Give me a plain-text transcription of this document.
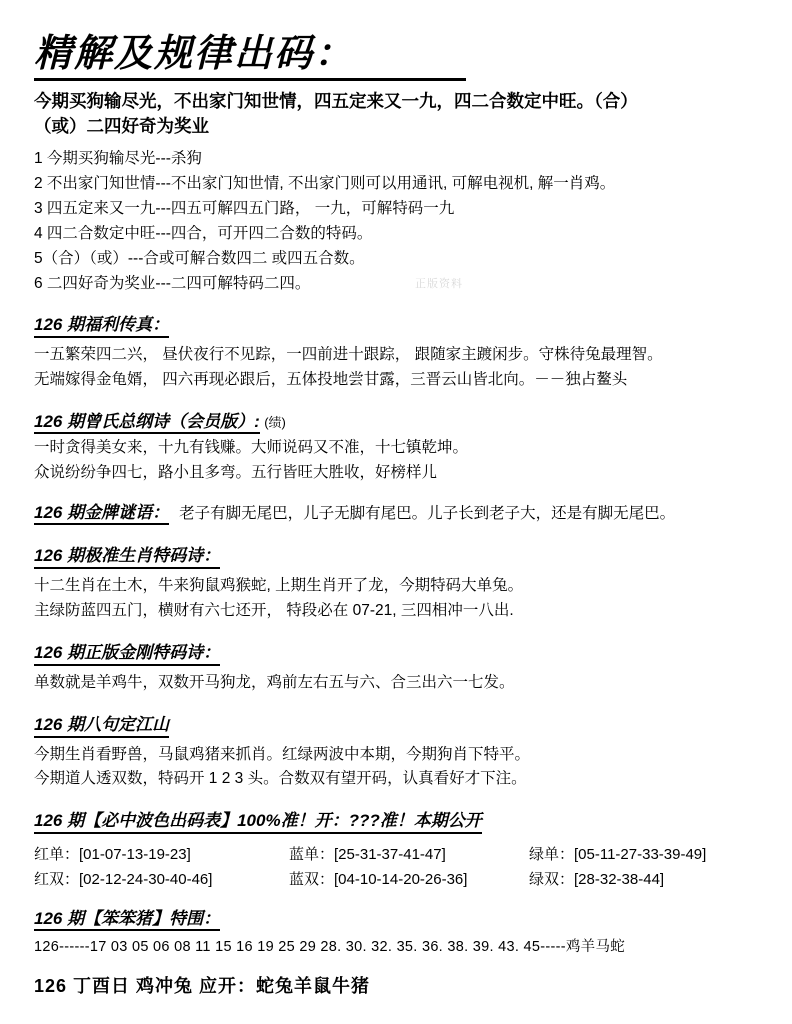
精解及规律出码：
今期买狗输尽光，不出家门知世情，四五定来又一九，四二合数定中旺。（合）
（或）二四好奇为奖业

1 今期买狗输尽光---杀狗

2 不出家门知世情---不出家门知世情, 不出家门则可以用通讯, 可解电视机, 解一肖鸡。

3 四五定来又一九---四五可解四五门路， 一九，可解特码一九

4 四二合数定中旺---四合，可开四二合数的特码。

5（合）（或）---合或可解合数四二 或四五合数。

6 二四好奇为奖业---二四可解特码二四。	正版资料
126 期福利传真：

一五繁荣四二兴， 昼伏夜行不见踪，一四前进十跟踪， 跟随家主踱闲步。守株待兔最理智。

无端嫁得金龟婿， 四六再现必跟后，五体投地尝甘露，三晋云山皆北向。－－独占鳌头

126 期曾氏总纲诗（会员版）: (绩)

一时贪得美女来，十九有钱赚。大师说码又不准，十七镇乾坤。

众说纷纷争四七，路小且多弯。五行皆旺大胜收，好榜样儿

126 期金牌谜语： 老子有脚无尾巴，儿子无脚有尾巴。儿子长到老子大，还是有脚无尾巴。

126 期极准生肖特码诗：

十二生肖在土木，牛来狗鼠鸡猴蛇, 上期生肖开了龙，今期特码大单兔。

主绿防蓝四五门，横财有六七还开， 特段必在 07-21, 三四相冲一八出.

126 期正版金刚特码诗：

单数就是羊鸡牛，双数开马狗龙，鸡前左右五与六、合三出六一七发。

126 期八句定江山

今期生肖看野兽，马鼠鸡猪来抓肖。红绿两波中本期，今期狗肖下特平。

今期道人透双数，特码开 1 2 3 头。合数双有望开码，认真看好才下注。

126 期【必中波色出码表】100%准！开：???准！本期公开
红单：[01-07-13-19-23]	蓝单：[25-31-37-41-47]	绿单：[05-11-27-33-39-49]
红双：[02-12-24-30-40-46]	蓝双：[04-10-14-20-26-36]	绿双：[28-32-38-44]

126 期【笨笨猪】特围：

126------17 03 05 06 08 11 15 16 19 25 29 28. 30. 32. 35. 36. 38. 39. 43. 45-----鸡羊马蛇

126 丁酉日 鸡冲兔 应开：蛇兔羊鼠牛猪
